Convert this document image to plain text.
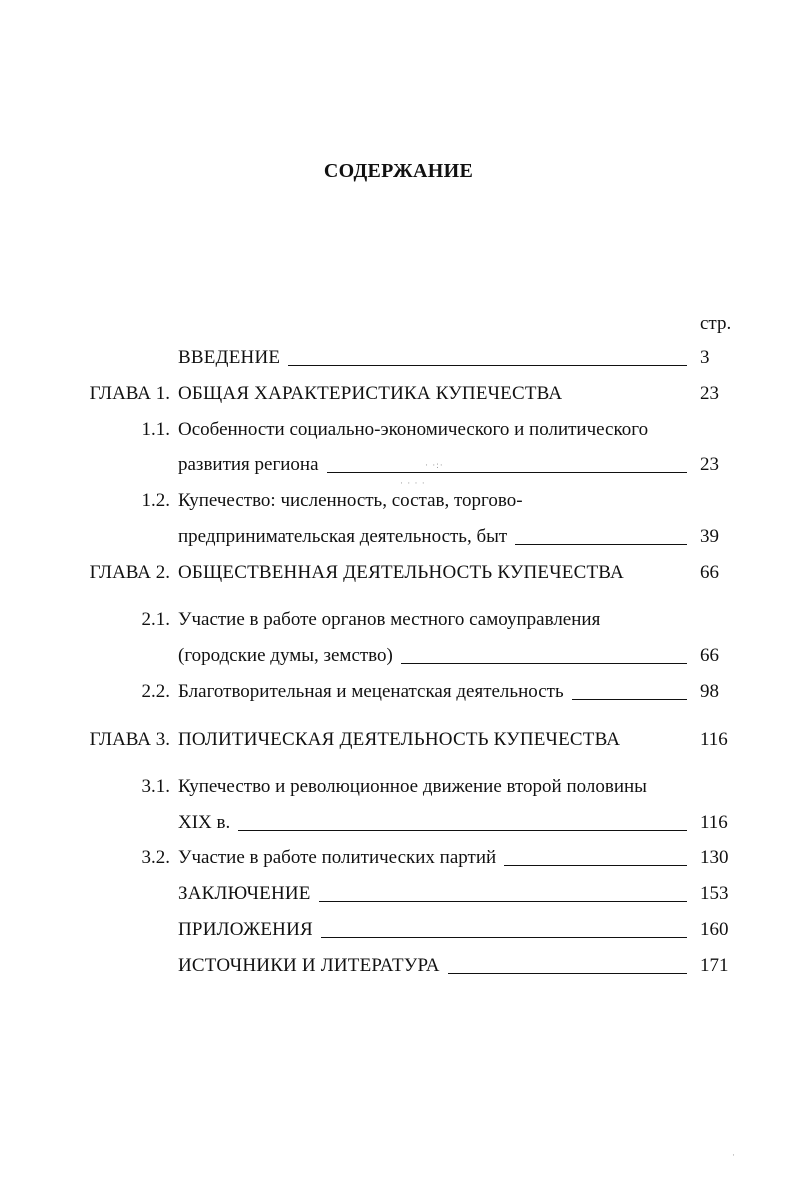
СОДЕРЖАНИЕ
стр.
ВВЕДЕНИЕ	3
ГЛАВА 1. ОБЩАЯ ХАРАКТЕРИСТИКА КУПЕЧЕСТВА	23
1.1. Особенности социально-экономического и политического
развития региона	23
· ·:·
· · · ·
1.2. Купечество: численность, состав, торгово-
предпринимательская деятельность, быт	39
ГЛАВА 2. ОБЩЕСТВЕННАЯ ДЕЯТЕЛЬНОСТЬ КУПЕЧЕСТВА	66
2.1. Участие в работе органов местного самоуправления
(городские думы, земство)	66
2.2. Благотворительная и меценатская деятельность	98
ГЛАВА 3. ПОЛИТИЧЕСКАЯ ДЕЯТЕЛЬНОСТЬ КУПЕЧЕСТВА	116
3.1. Купечество и революционное движение второй половины
XIX в.	116
3.2. Участие в работе политических партий	130
ЗАКЛЮЧЕНИЕ	153
ПРИЛОЖЕНИЯ	160
ИСТОЧНИКИ И ЛИТЕРАТУРА	171
·
